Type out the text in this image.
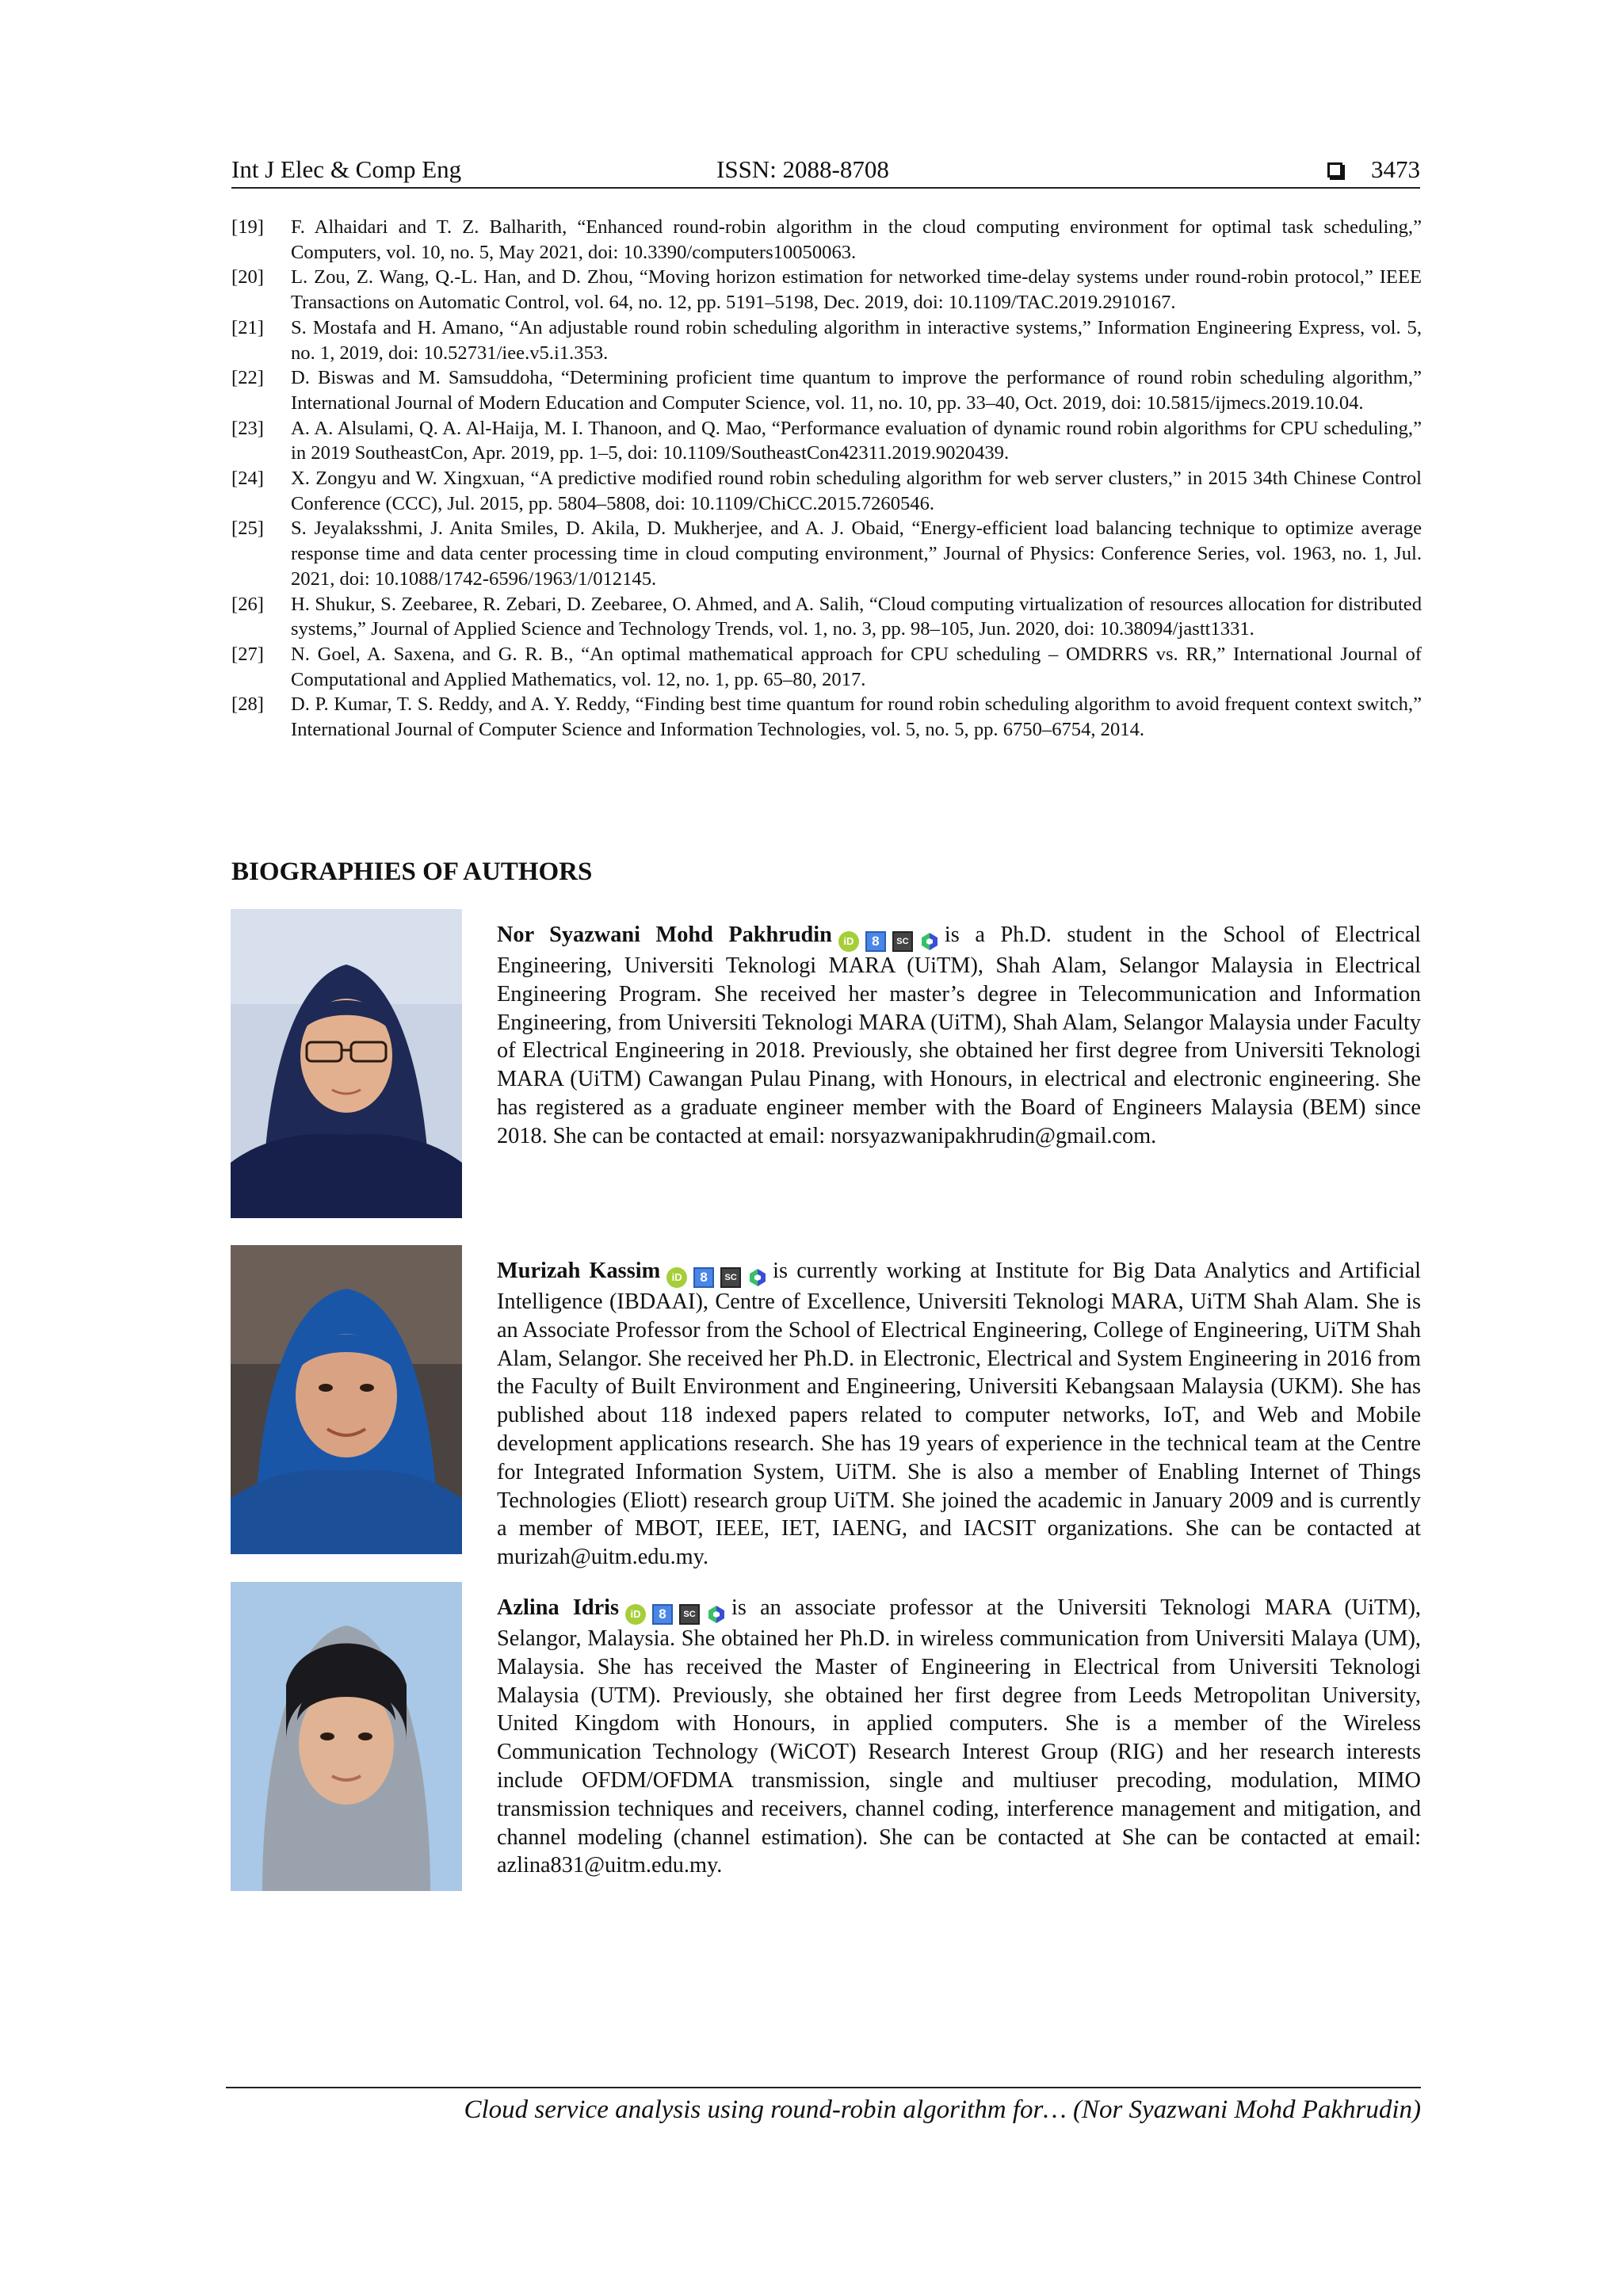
Int J Elec & Comp Eng	ISSN: 2088-8708	3473
[19]	F. Alhaidari and T. Z. Balharith, “Enhanced round-robin algorithm in the cloud computing environment for optimal task scheduling,” Computers, vol. 10, no. 5, May 2021, doi: 10.3390/computers10050063.
[20]	L. Zou, Z. Wang, Q.-L. Han, and D. Zhou, “Moving horizon estimation for networked time-delay systems under round-robin protocol,” IEEE Transactions on Automatic Control, vol. 64, no. 12, pp. 5191–5198, Dec. 2019, doi: 10.1109/TAC.2019.2910167.
[21]	S. Mostafa and H. Amano, “An adjustable round robin scheduling algorithm in interactive systems,” Information Engineering Express, vol. 5, no. 1, 2019, doi: 10.52731/iee.v5.i1.353.
[22]	D. Biswas and M. Samsuddoha, “Determining proficient time quantum to improve the performance of round robin scheduling algorithm,” International Journal of Modern Education and Computer Science, vol. 11, no. 10, pp. 33–40, Oct. 2019, doi: 10.5815/ijmecs.2019.10.04.
[23]	A. A. Alsulami, Q. A. Al-Haija, M. I. Thanoon, and Q. Mao, “Performance evaluation of dynamic round robin algorithms for CPU scheduling,” in 2019 SoutheastCon, Apr. 2019, pp. 1–5, doi: 10.1109/SoutheastCon42311.2019.9020439.
[24]	X. Zongyu and W. Xingxuan, “A predictive modified round robin scheduling algorithm for web server clusters,” in 2015 34th Chinese Control Conference (CCC), Jul. 2015, pp. 5804–5808, doi: 10.1109/ChiCC.2015.7260546.
[25]	S. Jeyalaksshmi, J. Anita Smiles, D. Akila, D. Mukherjee, and A. J. Obaid, “Energy-efficient load balancing technique to optimize average response time and data center processing time in cloud computing environment,” Journal of Physics: Conference Series, vol. 1963, no. 1, Jul. 2021, doi: 10.1088/1742-6596/1963/1/012145.
[26]	H. Shukur, S. Zeebaree, R. Zebari, D. Zeebaree, O. Ahmed, and A. Salih, “Cloud computing virtualization of resources allocation for distributed systems,” Journal of Applied Science and Technology Trends, vol. 1, no. 3, pp. 98–105, Jun. 2020, doi: 10.38094/jastt1331.
[27]	N. Goel, A. Saxena, and G. R. B., “An optimal mathematical approach for CPU scheduling – OMDRRS vs. RR,” International Journal of Computational and Applied Mathematics, vol. 12, no. 1, pp. 65–80, 2017.
[28]	D. P. Kumar, T. S. Reddy, and A. Y. Reddy, “Finding best time quantum for round robin scheduling algorithm to avoid frequent context switch,” International Journal of Computer Science and Information Technologies, vol. 5, no. 5, pp. 6750–6754, 2014.
BIOGRAPHIES OF AUTHORS
Nor Syazwani Mohd Pakhrudin	iD	8	SC is a Ph.D. student in the School of Electrical Engineering, Universiti Teknologi MARA (UiTM), Shah Alam, Selangor Malaysia in Electrical Engineering Program. She received her master’s degree in Telecommunication and Information Engineering, from Universiti Teknologi MARA (UiTM), Shah Alam, Selangor Malaysia under Faculty of Electrical Engineering in 2018. Previously, she obtained her first degree from Universiti Teknologi MARA (UiTM) Cawangan Pulau Pinang, with Honours, in electrical and electronic engineering. She has registered as a graduate engineer member with the Board of Engineers Malaysia (BEM) since 2018. She can be contacted at email: norsyazwanipakhrudin@gmail.com.
Murizah Kassim	iD	8	SC is currently working at Institute for Big Data Analytics and Artificial Intelligence (IBDAAI), Centre of Excellence, Universiti Teknologi MARA, UiTM Shah Alam. She is an Associate Professor from the School of Electrical Engineering, College of Engineering, UiTM Shah Alam, Selangor. She received her Ph.D. in Electronic, Electrical and System Engineering in 2016 from the Faculty of Built Environment and Engineering, Universiti Kebangsaan Malaysia (UKM). She has published about 118 indexed papers related to computer networks, IoT, and Web and Mobile development applications research. She has 19 years of experience in the technical team at the Centre for Integrated Information System, UiTM. She is also a member of Enabling Internet of Things Technologies (Eliott) research group UiTM. She joined the academic in January 2009 and is currently a member of MBOT, IEEE, IET, IAENG, and IACSIT organizations. She can be contacted at murizah@uitm.edu.my.
Azlina Idris	iD	8	SC is an associate professor at the Universiti Teknologi MARA (UiTM), Selangor, Malaysia. She obtained her Ph.D. in wireless communication from Universiti Malaya (UM), Malaysia. She has received the Master of Engineering in Electrical from Universiti Teknologi Malaysia (UTM). Previously, she obtained her first degree from Leeds Metropolitan University, United Kingdom with Honours, in applied computers. She is a member of the Wireless Communication Technology (WiCOT) Research Interest Group (RIG) and her research interests include OFDM/OFDMA transmission, single and multiuser precoding, modulation, MIMO transmission techniques and receivers, channel coding, interference management and mitigation, and channel modeling (channel estimation). She can be contacted at She can be contacted at email: azlina831@uitm.edu.my.
Cloud service analysis using round-robin algorithm for… (Nor Syazwani Mohd Pakhrudin)
